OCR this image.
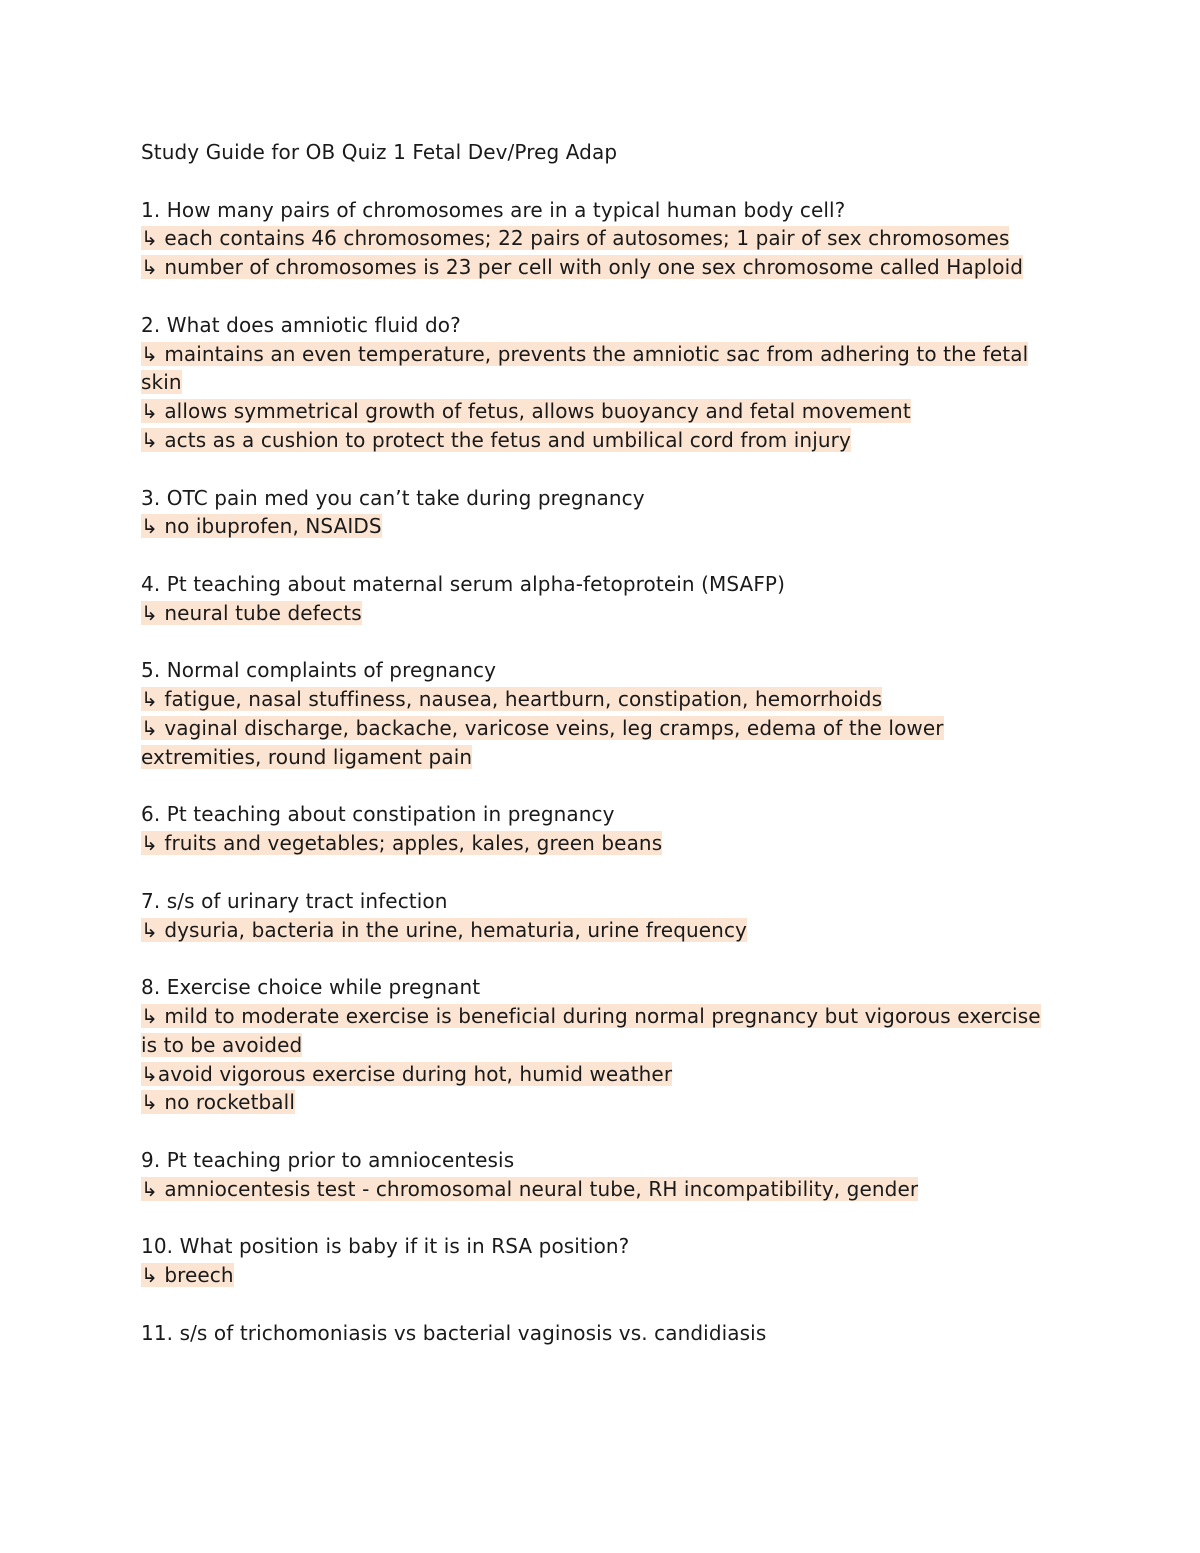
Study Guide for OB Quiz 1 Fetal Dev/Preg Adap
1. How many pairs of chromosomes are in a typical human body cell?
↳ each contains 46 chromosomes; 22 pairs of autosomes; 1 pair of sex chromosomes
↳ number of chromosomes is 23 per cell with only one sex chromosome called Haploid
2. What does amniotic fluid do?
↳ maintains an even temperature, prevents the amniotic sac from adhering to the fetal skin
↳ allows symmetrical growth of fetus, allows buoyancy and fetal movement
↳ acts as a cushion to protect the fetus and umbilical cord from injury
3. OTC pain med you can’t take during pregnancy
↳ no ibuprofen, NSAIDS
4. Pt teaching about maternal serum alpha-fetoprotein (MSAFP)
↳ neural tube defects
5. Normal complaints of pregnancy
↳ fatigue, nasal stuffiness, nausea, heartburn, constipation, hemorrhoids
↳ vaginal discharge, backache, varicose veins, leg cramps, edema of the lower extremities, round ligament pain
6. Pt teaching about constipation in pregnancy
↳ fruits and vegetables; apples, kales, green beans
7. s/s of urinary tract infection
↳ dysuria, bacteria in the urine, hematuria, urine frequency
8. Exercise choice while pregnant
↳ mild to moderate exercise is beneficial during normal pregnancy but vigorous exercise is to be avoided
↳avoid vigorous exercise during hot, humid weather
↳ no rocketball
9. Pt teaching prior to amniocentesis
↳ amniocentesis test - chromosomal neural tube, RH incompatibility, gender
10. What position is baby if it is in RSA position?
↳ breech
11. s/s of trichomoniasis vs bacterial vaginosis vs. candidiasis
